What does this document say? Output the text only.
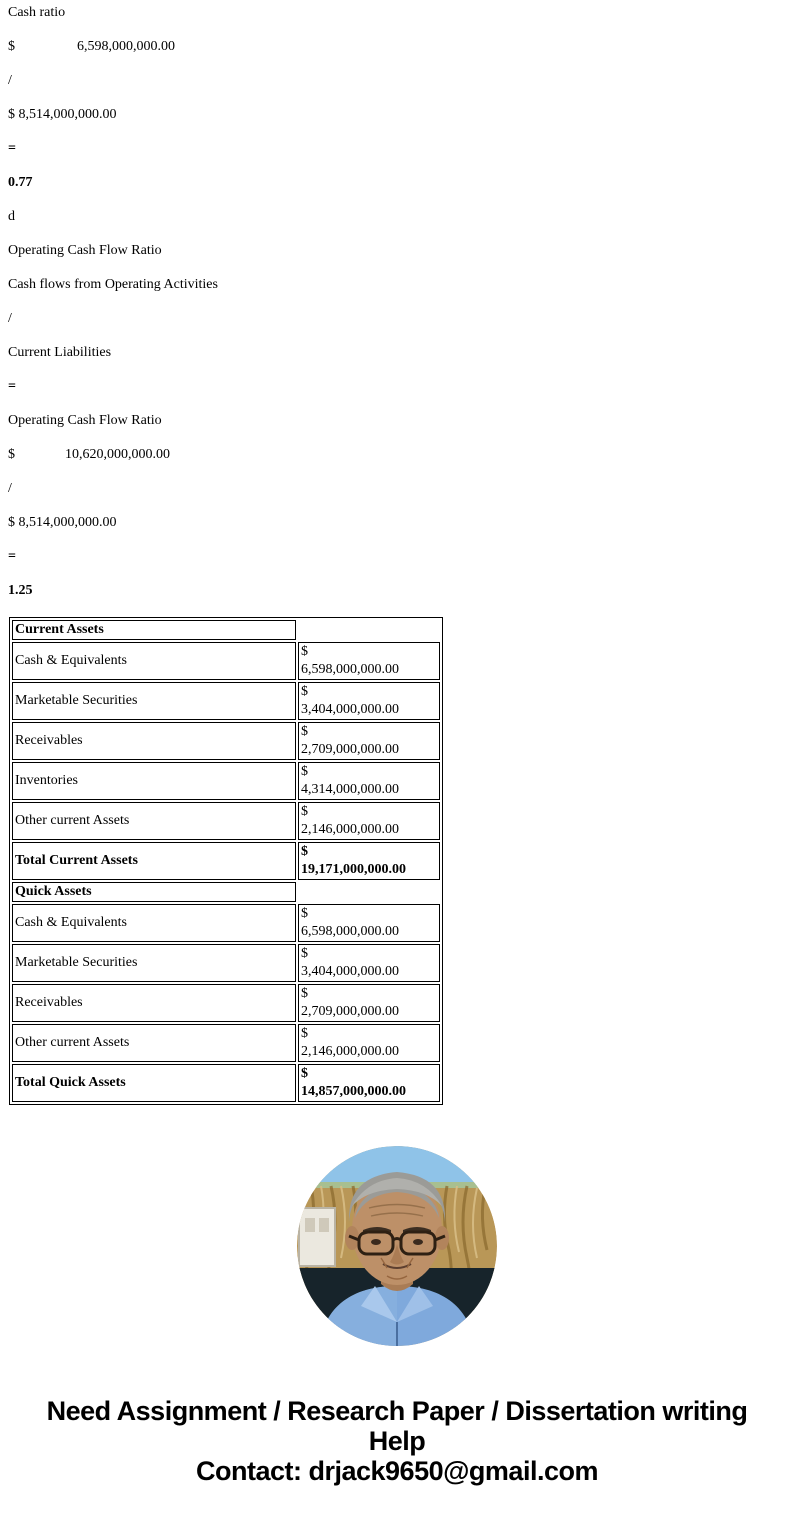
Cash ratio

$	6,598,000,000.00

/

$ 8,514,000,000.00

=

0.77

d

Operating Cash Flow Ratio

Cash flows from Operating Activities

/

Current Liabilities

=

Operating Cash Flow Ratio

$	10,620,000,000.00

/

$ 8,514,000,000.00

=

1.25

Current Assets	
Cash & Equivalents	$
6,598,000,000.00

Marketable Securities	$
3,404,000,000.00

Receivables	$
2,709,000,000.00

Inventories	$
4,314,000,000.00

Other current Assets	$
2,146,000,000.00

Total Current Assets	$
19,171,000,000.00

Quick Assets	
Cash & Equivalents	$
6,598,000,000.00

Marketable Securities	$
3,404,000,000.00

Receivables	$
2,709,000,000.00

Other current Assets	$
2,146,000,000.00

Total Quick Assets	$
14,857,000,000.00

Need Assignment / Research Paper / Dissertation writing Help

Contact: drjack9650@gmail.com
